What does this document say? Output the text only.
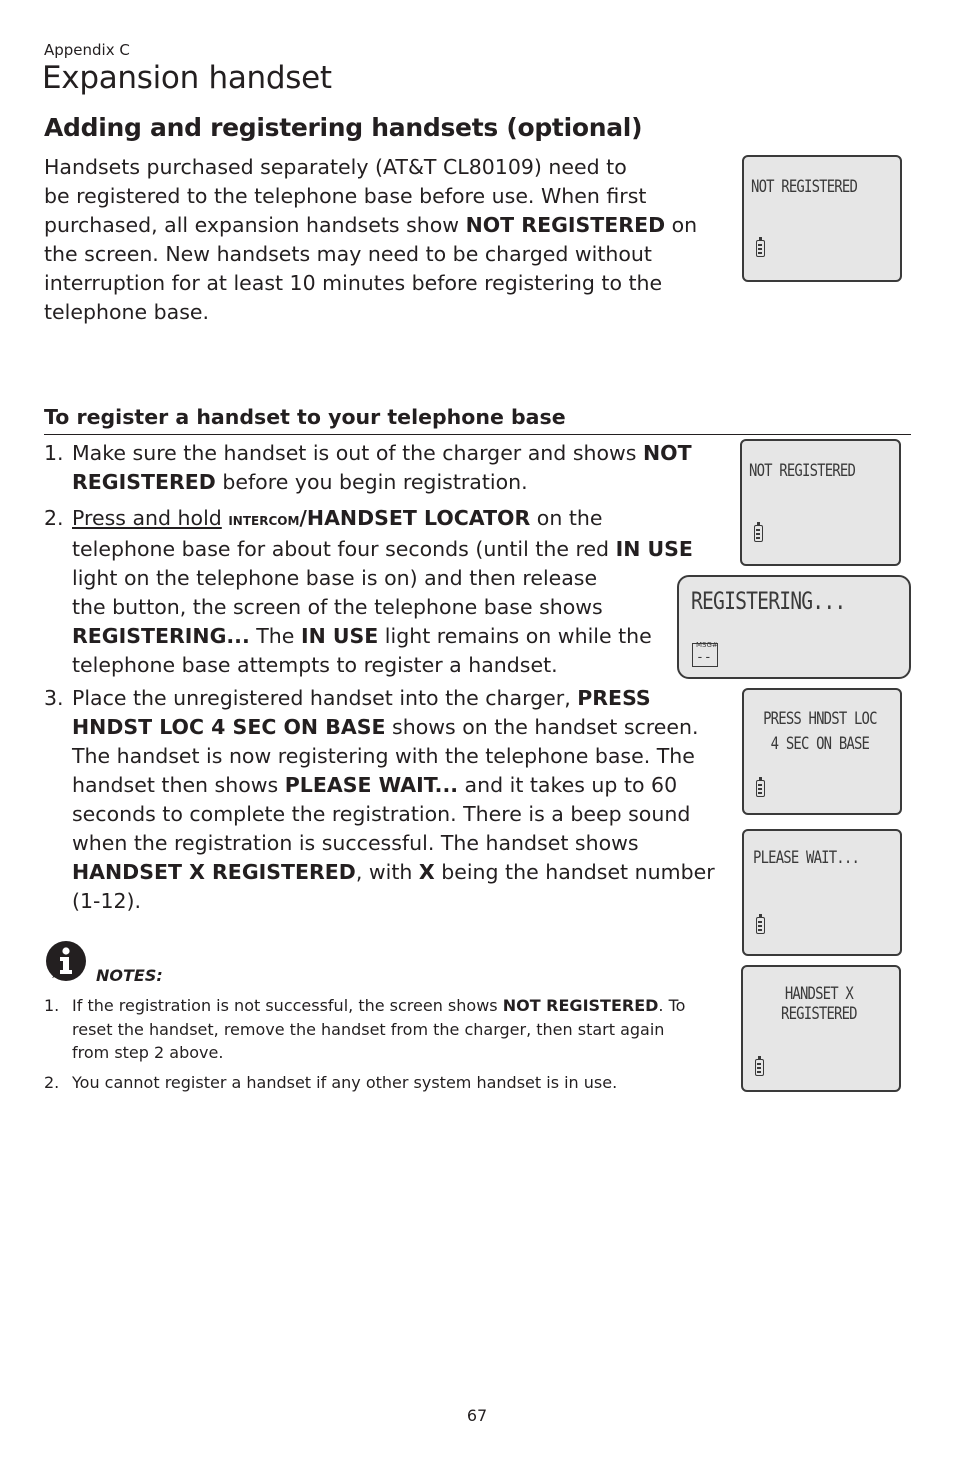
Appendix C
Expansion handset
Adding and registering handsets (optional)

Handsets purchased separately (AT&T CL80109) need to
be registered to the telephone base before use. When first
purchased, all expansion handsets show NOT REGISTERED on
the screen. New handsets may need to be charged without
interruption for at least 10 minutes before registering to the
telephone base.

NOT REGISTERED
To register a handset to your telephone base
1. Make sure the handset is out of the charger and shows NOT
REGISTERED before you begin registration.
2. Press and hold intercom/HANDSET LOCATOR on the
telephone base for about four seconds (until the red IN USE
light on the telephone base is on) and then release
the button, the screen of the telephone base shows
REGISTERING... The IN USE light remains on while the
telephone base attempts to register a handset.
NOT REGISTERED
REGISTERING...
MSG#
--
3. Place the unregistered handset into the charger, PRESS
HNDST LOC 4 SEC ON BASE shows on the handset screen.
The handset is now registering with the telephone base. The
handset then shows PLEASE WAIT... and it takes up to 60
seconds to complete the registration. There is a beep sound
when the registration is successful. The handset shows
HANDSET X REGISTERED, with X being the handset number
(1-12).
PRESS HNDST LOC
4 SEC ON BASE
PLEASE WAIT...
HANDSET X
REGISTERED
NOTES:
1. If the registration is not successful, the screen shows NOT REGISTERED. To
reset the handset, remove the handset from the charger, then start again
from step 2 above.
2. You cannot register a handset if any other system handset is in use.
67
